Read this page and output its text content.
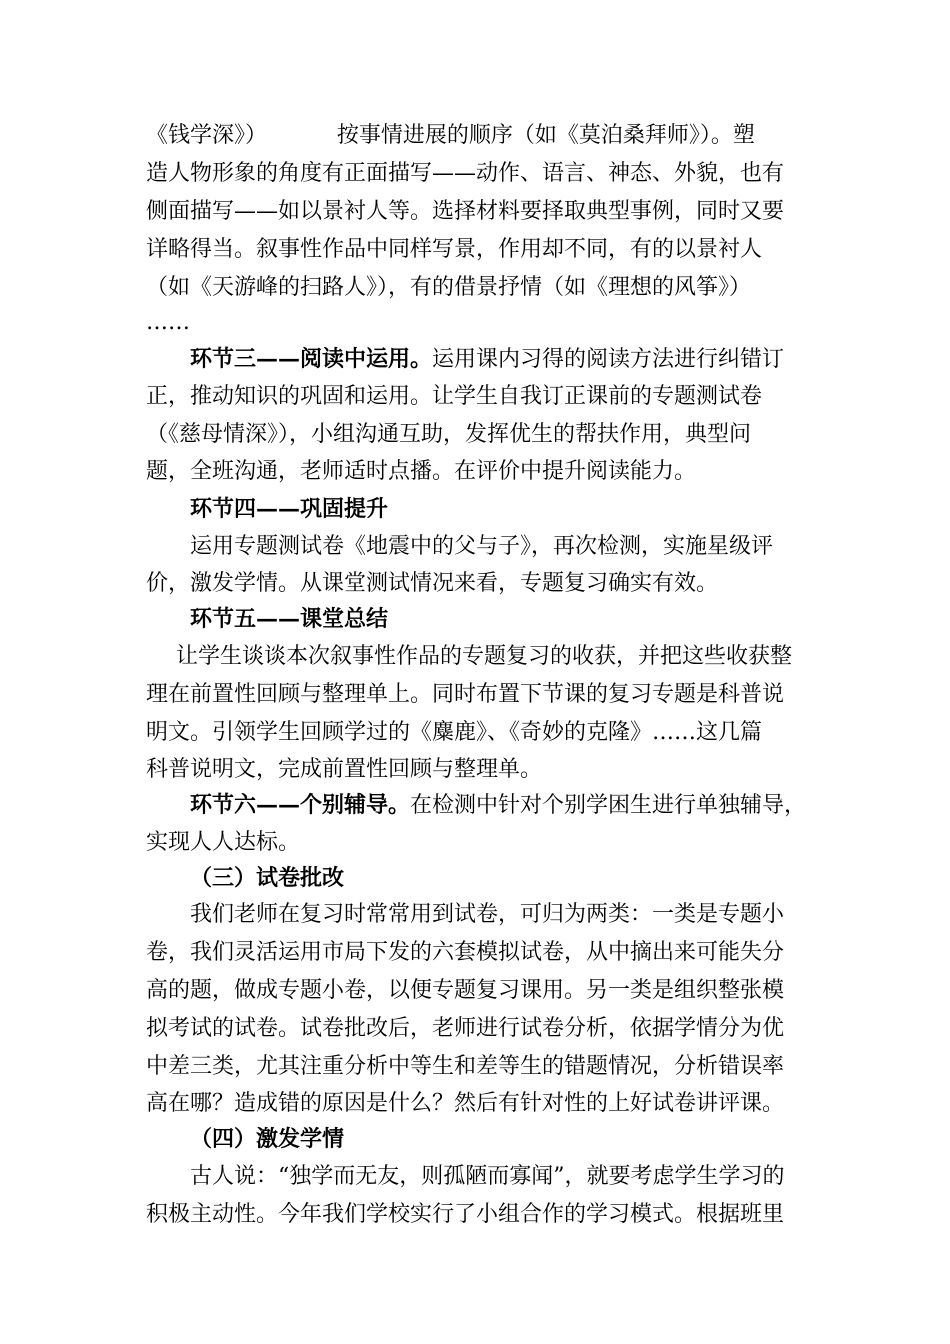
《钱学深》）          按事情进展的顺序（如《莫泊桑拜师》）。塑
造人物形象的角度有正面描写——动作、语言、神态、外貌，也有
侧面描写——如以景衬人等。选择材料要择取典型事例，同时又要
详略得当。叙事性作品中同样写景，作用却不同，有的以景衬人
（如《天游峰的扫路人》），有的借景抒情（如《理想的风筝》）
……
环节三——阅读中运用。运用课内习得的阅读方法进行纠错订
正，推动知识的巩固和运用。让学生自我订正课前的专题测试卷
（《慈母情深》），小组沟通互助，发挥优生的帮扶作用，典型问
题，全班沟通，老师适时点播。在评价中提升阅读能力。
环节四——巩固提升
运用专题测试卷《地震中的父与子》，再次检测，实施星级评
价，激发学情。从课堂测试情况来看，专题复习确实有效。
环节五——课堂总结
让学生谈谈本次叙事性作品的专题复习的收获，并把这些收获整
理在前置性回顾与整理单上。同时布置下节课的复习专题是科普说
明文。引领学生回顾学过的《麋鹿》、《奇妙的克隆》……这几篇
科普说明文，完成前置性回顾与整理单。
环节六——个别辅导。在检测中针对个别学困生进行单独辅导，
实现人人达标。
（三）试卷批改
我们老师在复习时常常用到试卷，可归为两类：一类是专题小
卷，我们灵活运用市局下发的六套模拟试卷，从中摘出来可能失分
高的题，做成专题小卷，以便专题复习课用。另一类是组织整张模
拟考试的试卷。试卷批改后，老师进行试卷分析，依据学情分为优
中差三类，尤其注重分析中等生和差等生的错题情况，分析错误率
高在哪？造成错的原因是什么？然后有针对性的上好试卷讲评课。
（四）激发学情
古人说：“独学而无友，则孤陋而寡闻”，就要考虑学生学习的
积极主动性。今年我们学校实行了小组合作的学习模式。根据班里
